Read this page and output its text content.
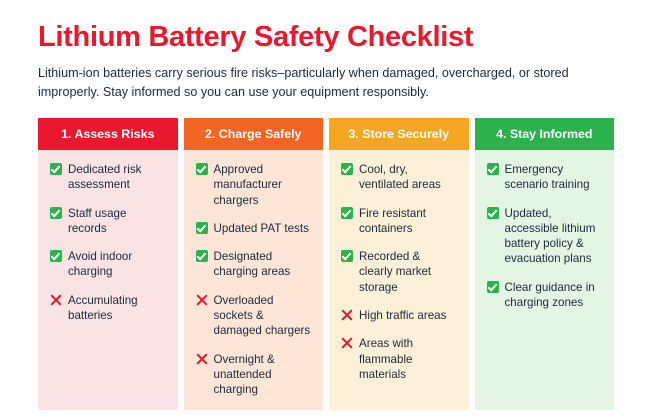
Lithium Battery Safety Checklist

Lithium-ion batteries carry serious fire risks–particularly when damaged, overcharged, or stored improperly. Stay informed so you can use your equipment responsibly.

1. Assess Risks
Dedicated risk assessment
Staff usage records
Avoid indoor charging
Accumulating batteries
2. Charge Safely
Approved manufacturer chargers
Updated PAT tests
Designated charging areas
Overloaded sockets & damaged chargers
Overnight & unattended charging
3. Store Securely
Cool, dry, ventilated areas
Fire resistant containers
Recorded & clearly market storage
High traffic areas
Areas with flammable materials
4. Stay Informed
Emergency scenario training
Updated, accessible lithium battery policy & evacuation plans
Clear guidance in charging zones
